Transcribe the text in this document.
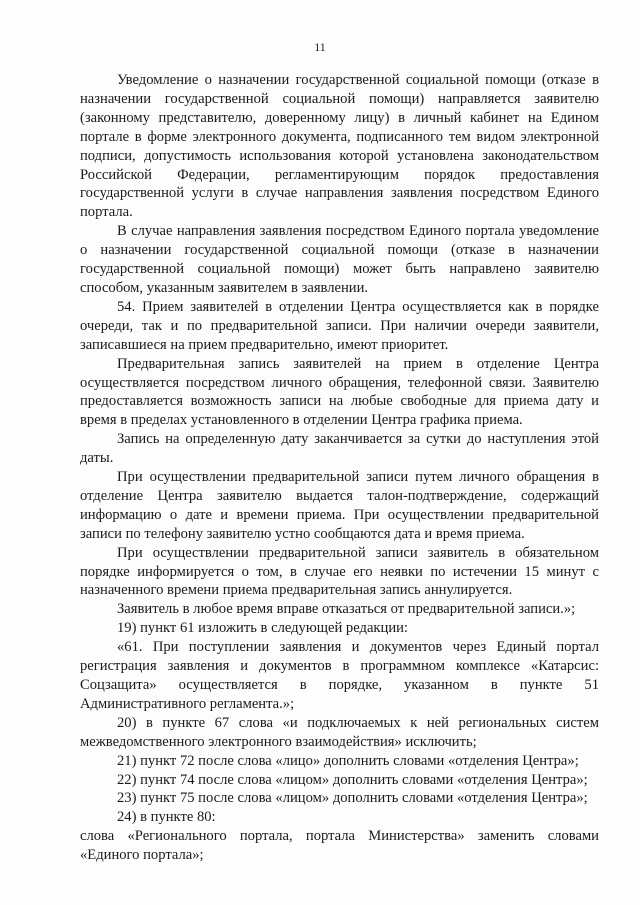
11

Уведомление о назначении государственной социальной помощи (отказе в назначении государственной социальной помощи) направляется заявителю (законному представителю, доверенному лицу) в личный кабинет на Едином портале в форме электронного документа, подписанного тем видом электронной подписи, допустимость использования которой установлена законодательством Российской Федерации, регламентирующим порядок предоставления государственной услуги в случае направления заявления посредством Единого портала.

В случае направления заявления посредством Единого портала уведомление о назначении государственной социальной помощи (отказе в назначении государственной социальной помощи) может быть направлено заявителю способом, указанным заявителем в заявлении.

54. Прием заявителей в отделении Центра осуществляется как в порядке очереди, так и по предварительной записи. При наличии очереди заявители, записавшиеся на прием предварительно, имеют приоритет.

Предварительная запись заявителей на прием в отделение Центра осуществляется посредством личного обращения, телефонной связи. Заявителю предоставляется возможность записи на любые свободные для приема дату и время в пределах установленного в отделении Центра графика приема.

Запись на определенную дату заканчивается за сутки до наступления этой даты.

При осуществлении предварительной записи путем личного обращения в отделение Центра заявителю выдается талон-подтверждение, содержащий информацию о дате и времени приема. При осуществлении предварительной записи по телефону заявителю устно сообщаются дата и время приема.

При осуществлении предварительной записи заявитель в обязательном порядке информируется о том, в случае его неявки по истечении 15 минут с назначенного времени приема предварительная запись аннулируется.

Заявитель в любое время вправе отказаться от предварительной записи.»;

19) пункт 61 изложить в следующей редакции:

«61. При поступлении заявления и документов через Единый портал регистрация заявления и документов в программном комплексе «Катарсис: Соцзащита» осуществляется в порядке, указанном в пункте 51 Административного регламента.»;

20) в пункте 67 слова «и подключаемых к ней региональных систем межведомственного электронного взаимодействия» исключить;

21) пункт 72 после слова «лицо» дополнить словами «отделения Центра»;

22) пункт 74 после слова «лицом» дополнить словами «отделения Центра»;

23) пункт 75 после слова «лицом» дополнить словами «отделения Центра»;

24) в пункте 80:

слова «Регионального портала, портала Министерства» заменить словами «Единого портала»;
